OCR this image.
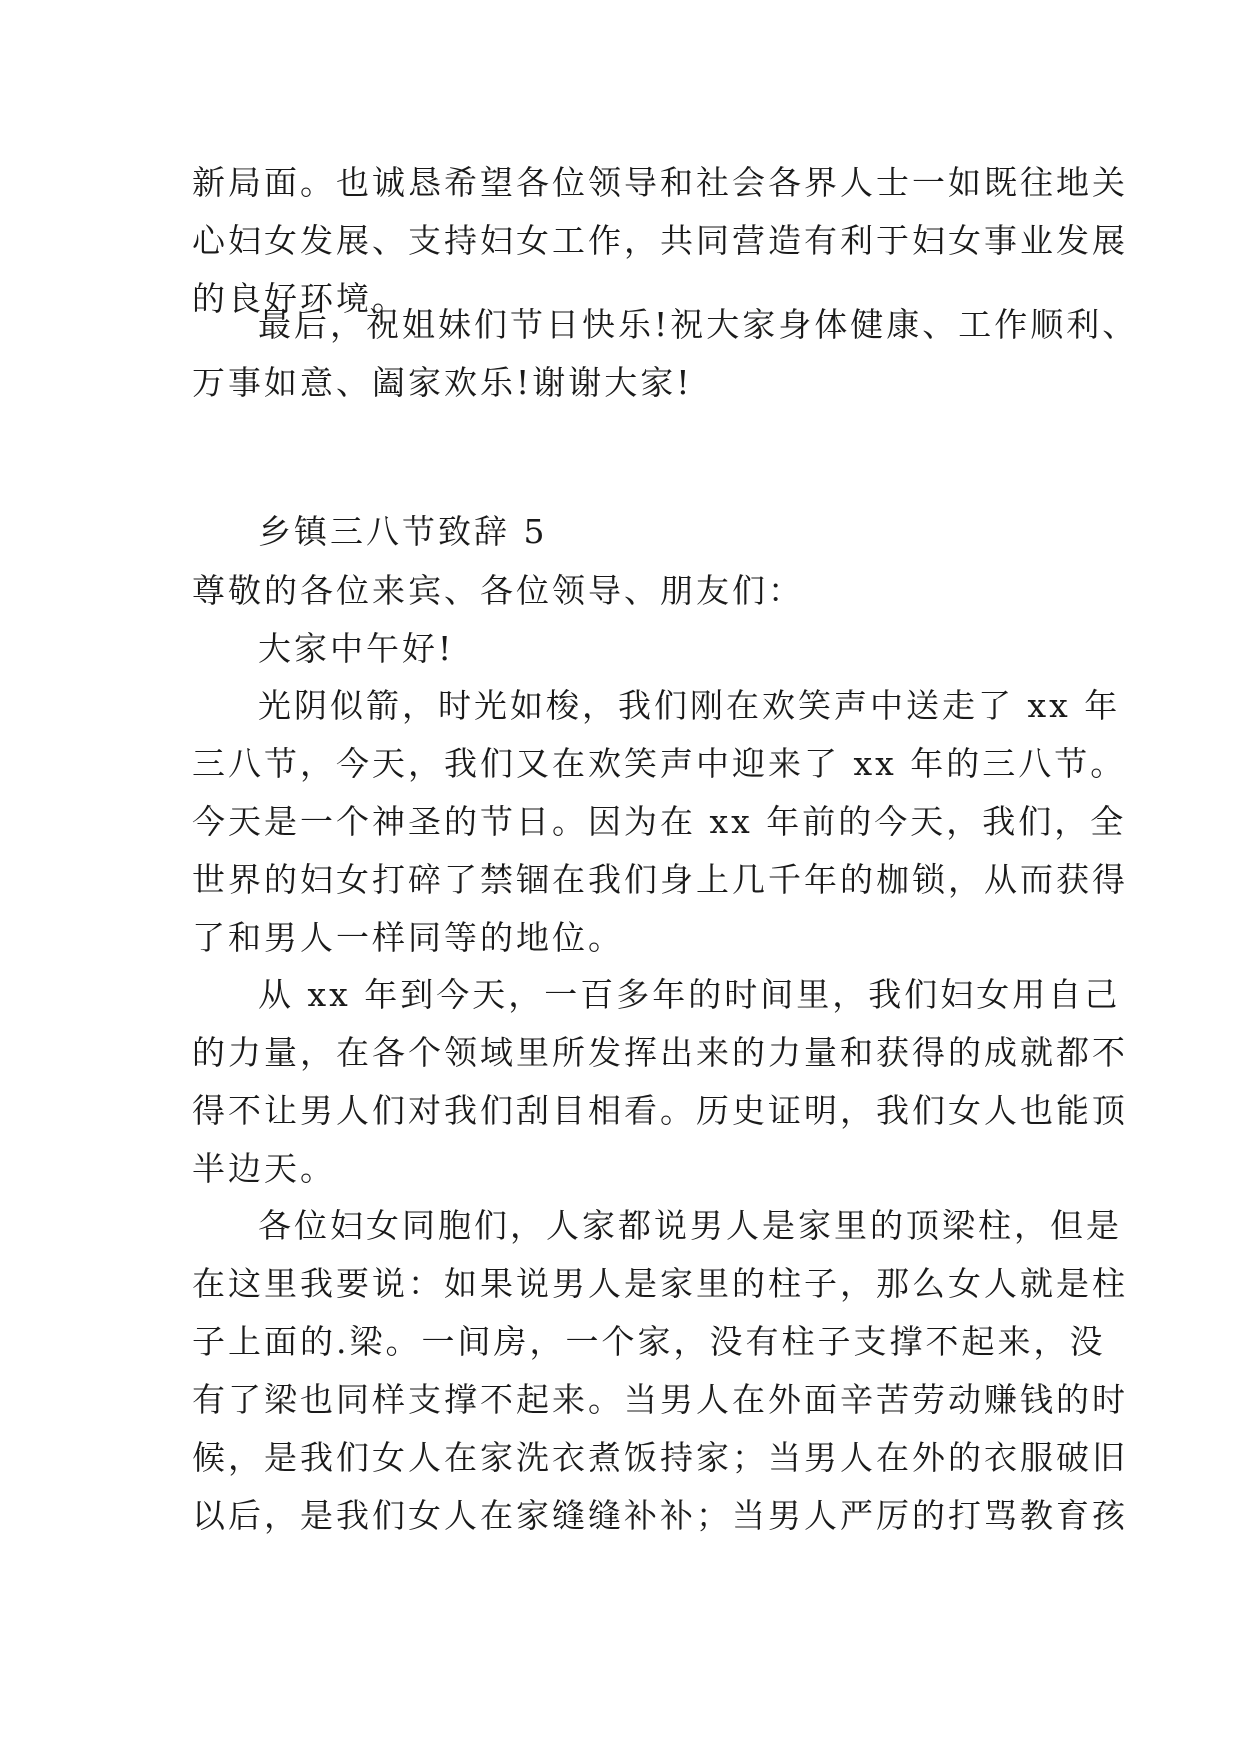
新局面。也诚恳希望各位领导和社会各界人士一如既往地关
心妇女发展、支持妇女工作，共同营造有利于妇女事业发展
的良好环境。
最后，祝姐妹们节日快乐!祝大家身体健康、工作顺利、
万事如意、阖家欢乐!谢谢大家!
乡镇三八节致辞 5
尊敬的各位来宾、各位领导、朋友们：
大家中午好!
光阴似箭，时光如梭，我们刚在欢笑声中送走了 xx 年
三八节，今天，我们又在欢笑声中迎来了 xx 年的三八节。
今天是一个神圣的节日。因为在 xx 年前的今天，我们，全
世界的妇女打碎了禁锢在我们身上几千年的枷锁，从而获得
了和男人一样同等的地位。
从 xx 年到今天，一百多年的时间里，我们妇女用自己
的力量，在各个领域里所发挥出来的力量和获得的成就都不
得不让男人们对我们刮目相看。历史证明，我们女人也能顶
半边天。
各位妇女同胞们，人家都说男人是家里的顶梁柱，但是
在这里我要说：如果说男人是家里的柱子，那么女人就是柱
子上面的.梁。一间房，一个家，没有柱子支撑不起来，没
有了梁也同样支撑不起来。当男人在外面辛苦劳动赚钱的时
候，是我们女人在家洗衣煮饭持家；当男人在外的衣服破旧
以后，是我们女人在家缝缝补补；当男人严厉的打骂教育孩
